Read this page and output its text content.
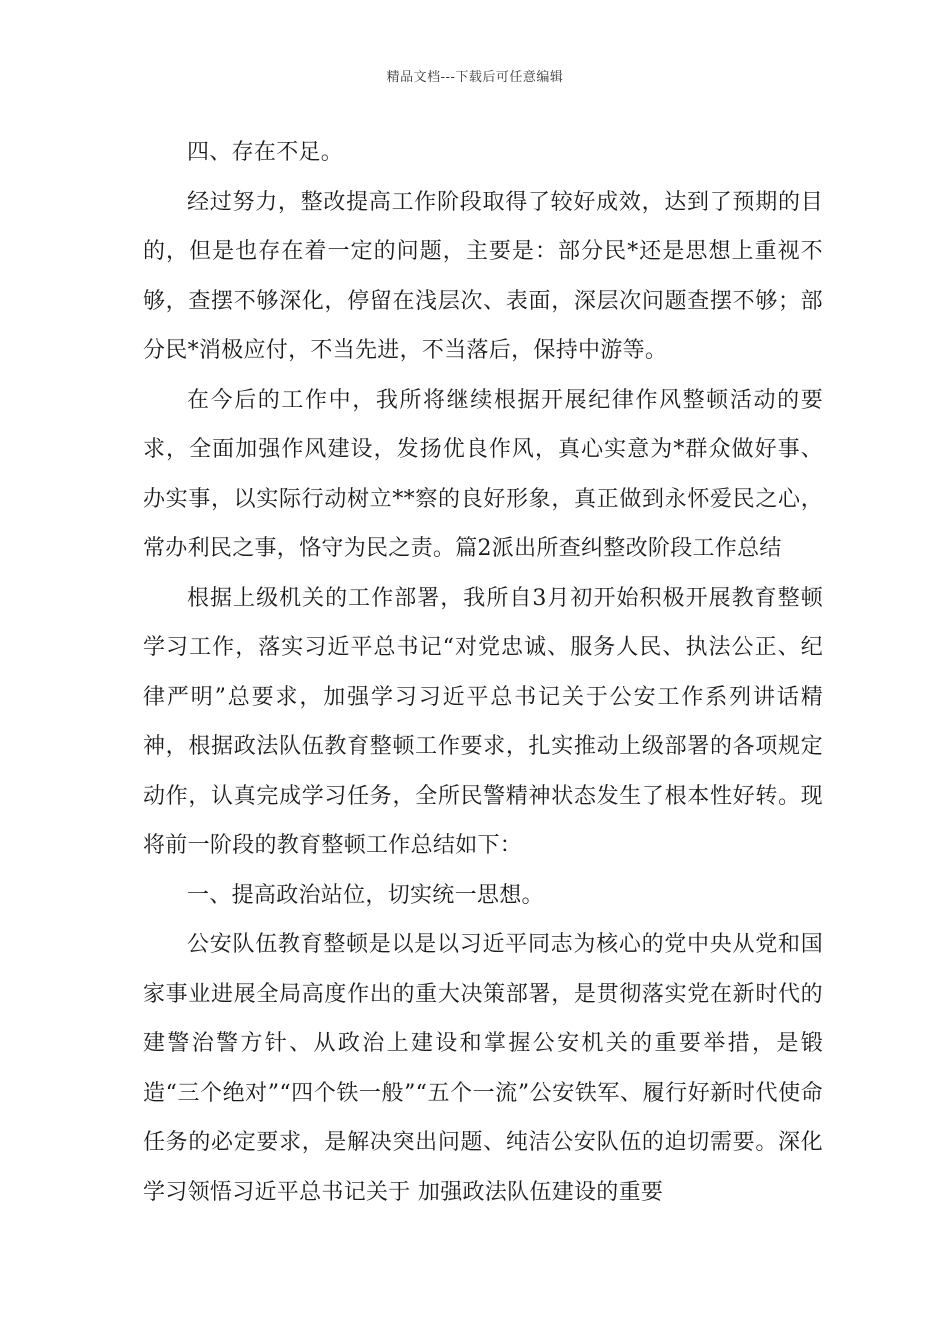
精品文档---下载后可任意编辑

四、存在不足。

经过努力，整改提高工作阶段取得了较好成效，达到了预期的目的，但是也存在着一定的问题，主要是：部分民*还是思想上重视不够，查摆不够深化，停留在浅层次、表面，深层次问题查摆不够；部分民*消极应付，不当先进，不当落后，保持中游等。

在今后的工作中，我所将继续根据开展纪律作风整顿活动的要求，全面加强作风建设，发扬优良作风，真心实意为*群众做好事、办实事，以实际行动树立**察的良好形象，真正做到永怀爱民之心，常办利民之事，恪守为民之责。篇2派出所查纠整改阶段工作总结

根据上级机关的工作部署，我所自3月初开始积极开展教育整顿学习工作，落实习近平总书记“对党忠诚、服务人民、执法公正、纪律严明”总要求，加强学习习近平总书记关于公安工作系列讲话精神，根据政法队伍教育整顿工作要求，扎实推动上级部署的各项规定动作，认真完成学习任务，全所民警精神状态发生了根本性好转。现将前一阶段的教育整顿工作总结如下：

一、提高政治站位，切实统一思想。

公安队伍教育整顿是以是以习近平同志为核心的党中央从党和国家事业进展全局高度作出的重大决策部署，是贯彻落实党在新时代的建警治警方针、从政治上建设和掌握公安机关的重要举措，是锻造“三个绝对”“四个铁一般”“五个一流”公安铁军、履行好新时代使命任务的必定要求，是解决突出问题、纯洁公安队伍的迫切需要。深化学习领悟习近平总书记关于 加强政法队伍建设的重要
